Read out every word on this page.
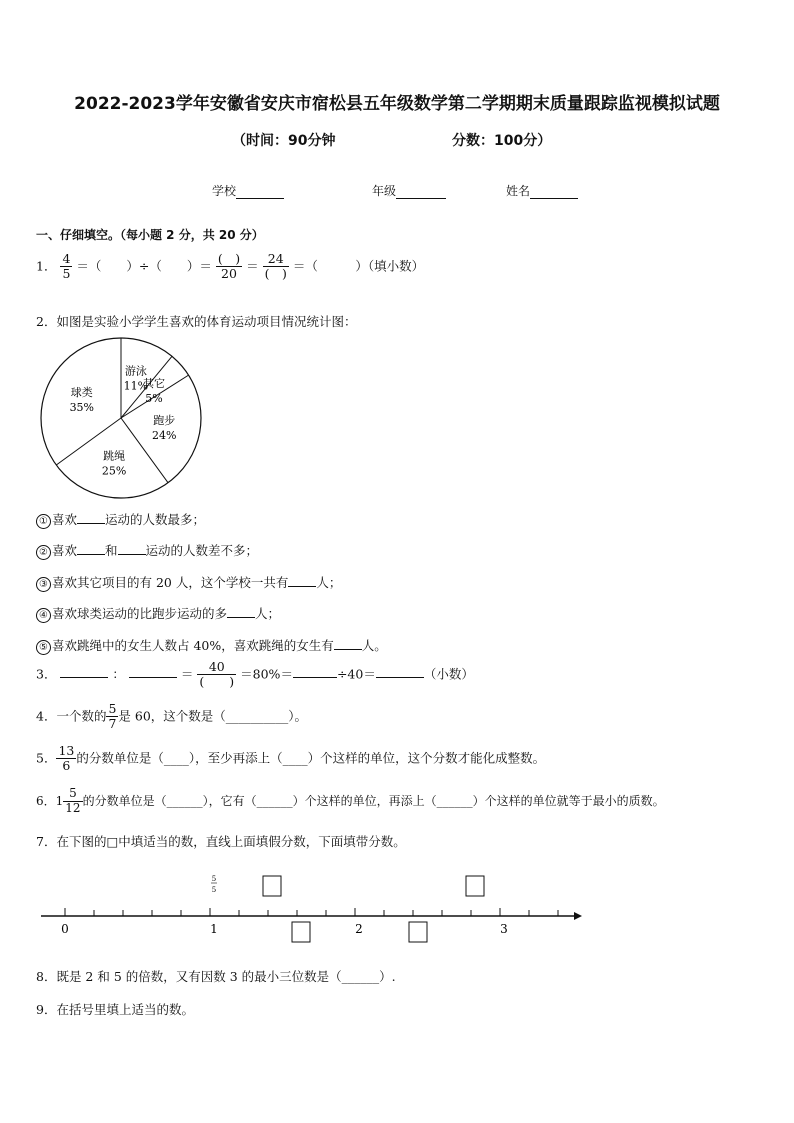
2022-2023学年安徽省安庆市宿松县五年级数学第二学期期末质量跟踪监视模拟试题
（时间：90分钟	分数：100分）
学校	年级	姓名
一、仔细填空。（每小题 2 分，共 20 分）
1． $\frac{4}{5}$ ＝（　　）÷（　　）＝ $\frac{( )}{20} = \frac{24}{( )}$ ＝（　　　）（填小数）
2．如图是实验小学学生喜欢的体育运动项目情况统计图：
游泳
11%
其它
5%
跑步
24%
跳绳
25%
球类
35%
① 喜欢 运动的人数最多；
② 喜欢 和 运动的人数差不多；
③ 喜欢其它项目的有 20 人，这个学校一共有 人；
④ 喜欢球类运动的比跑步运动的多 人；
⑤ 喜欢跳绳中的女生人数占 40%，喜欢跳绳的女生有 人。
3．	：	＝ $\frac{40}{( )} =80\%=$	÷40＝	（小数）
4．一个数的 $\frac{5}{7}$ 是 60，这个数是（__________）。
5． $\frac{13}{6}$ 的分数单位是（____），至少再添上（____）个这样的单位，这个分数才能化成整数。
6．$1 \frac{5}{12}$ 的分数单位是（______），它有（______）个这样的单位，再添上（______）个这样的单位就等于最小的质数。
7．在下图的□中填适当的数，直线上面填假分数，下面填带分数。
0	1	2	3
5
5
8．既是 2 和 5 的倍数，又有因数 3 的最小三位数是（______）.
9．在括号里填上适当的数。
